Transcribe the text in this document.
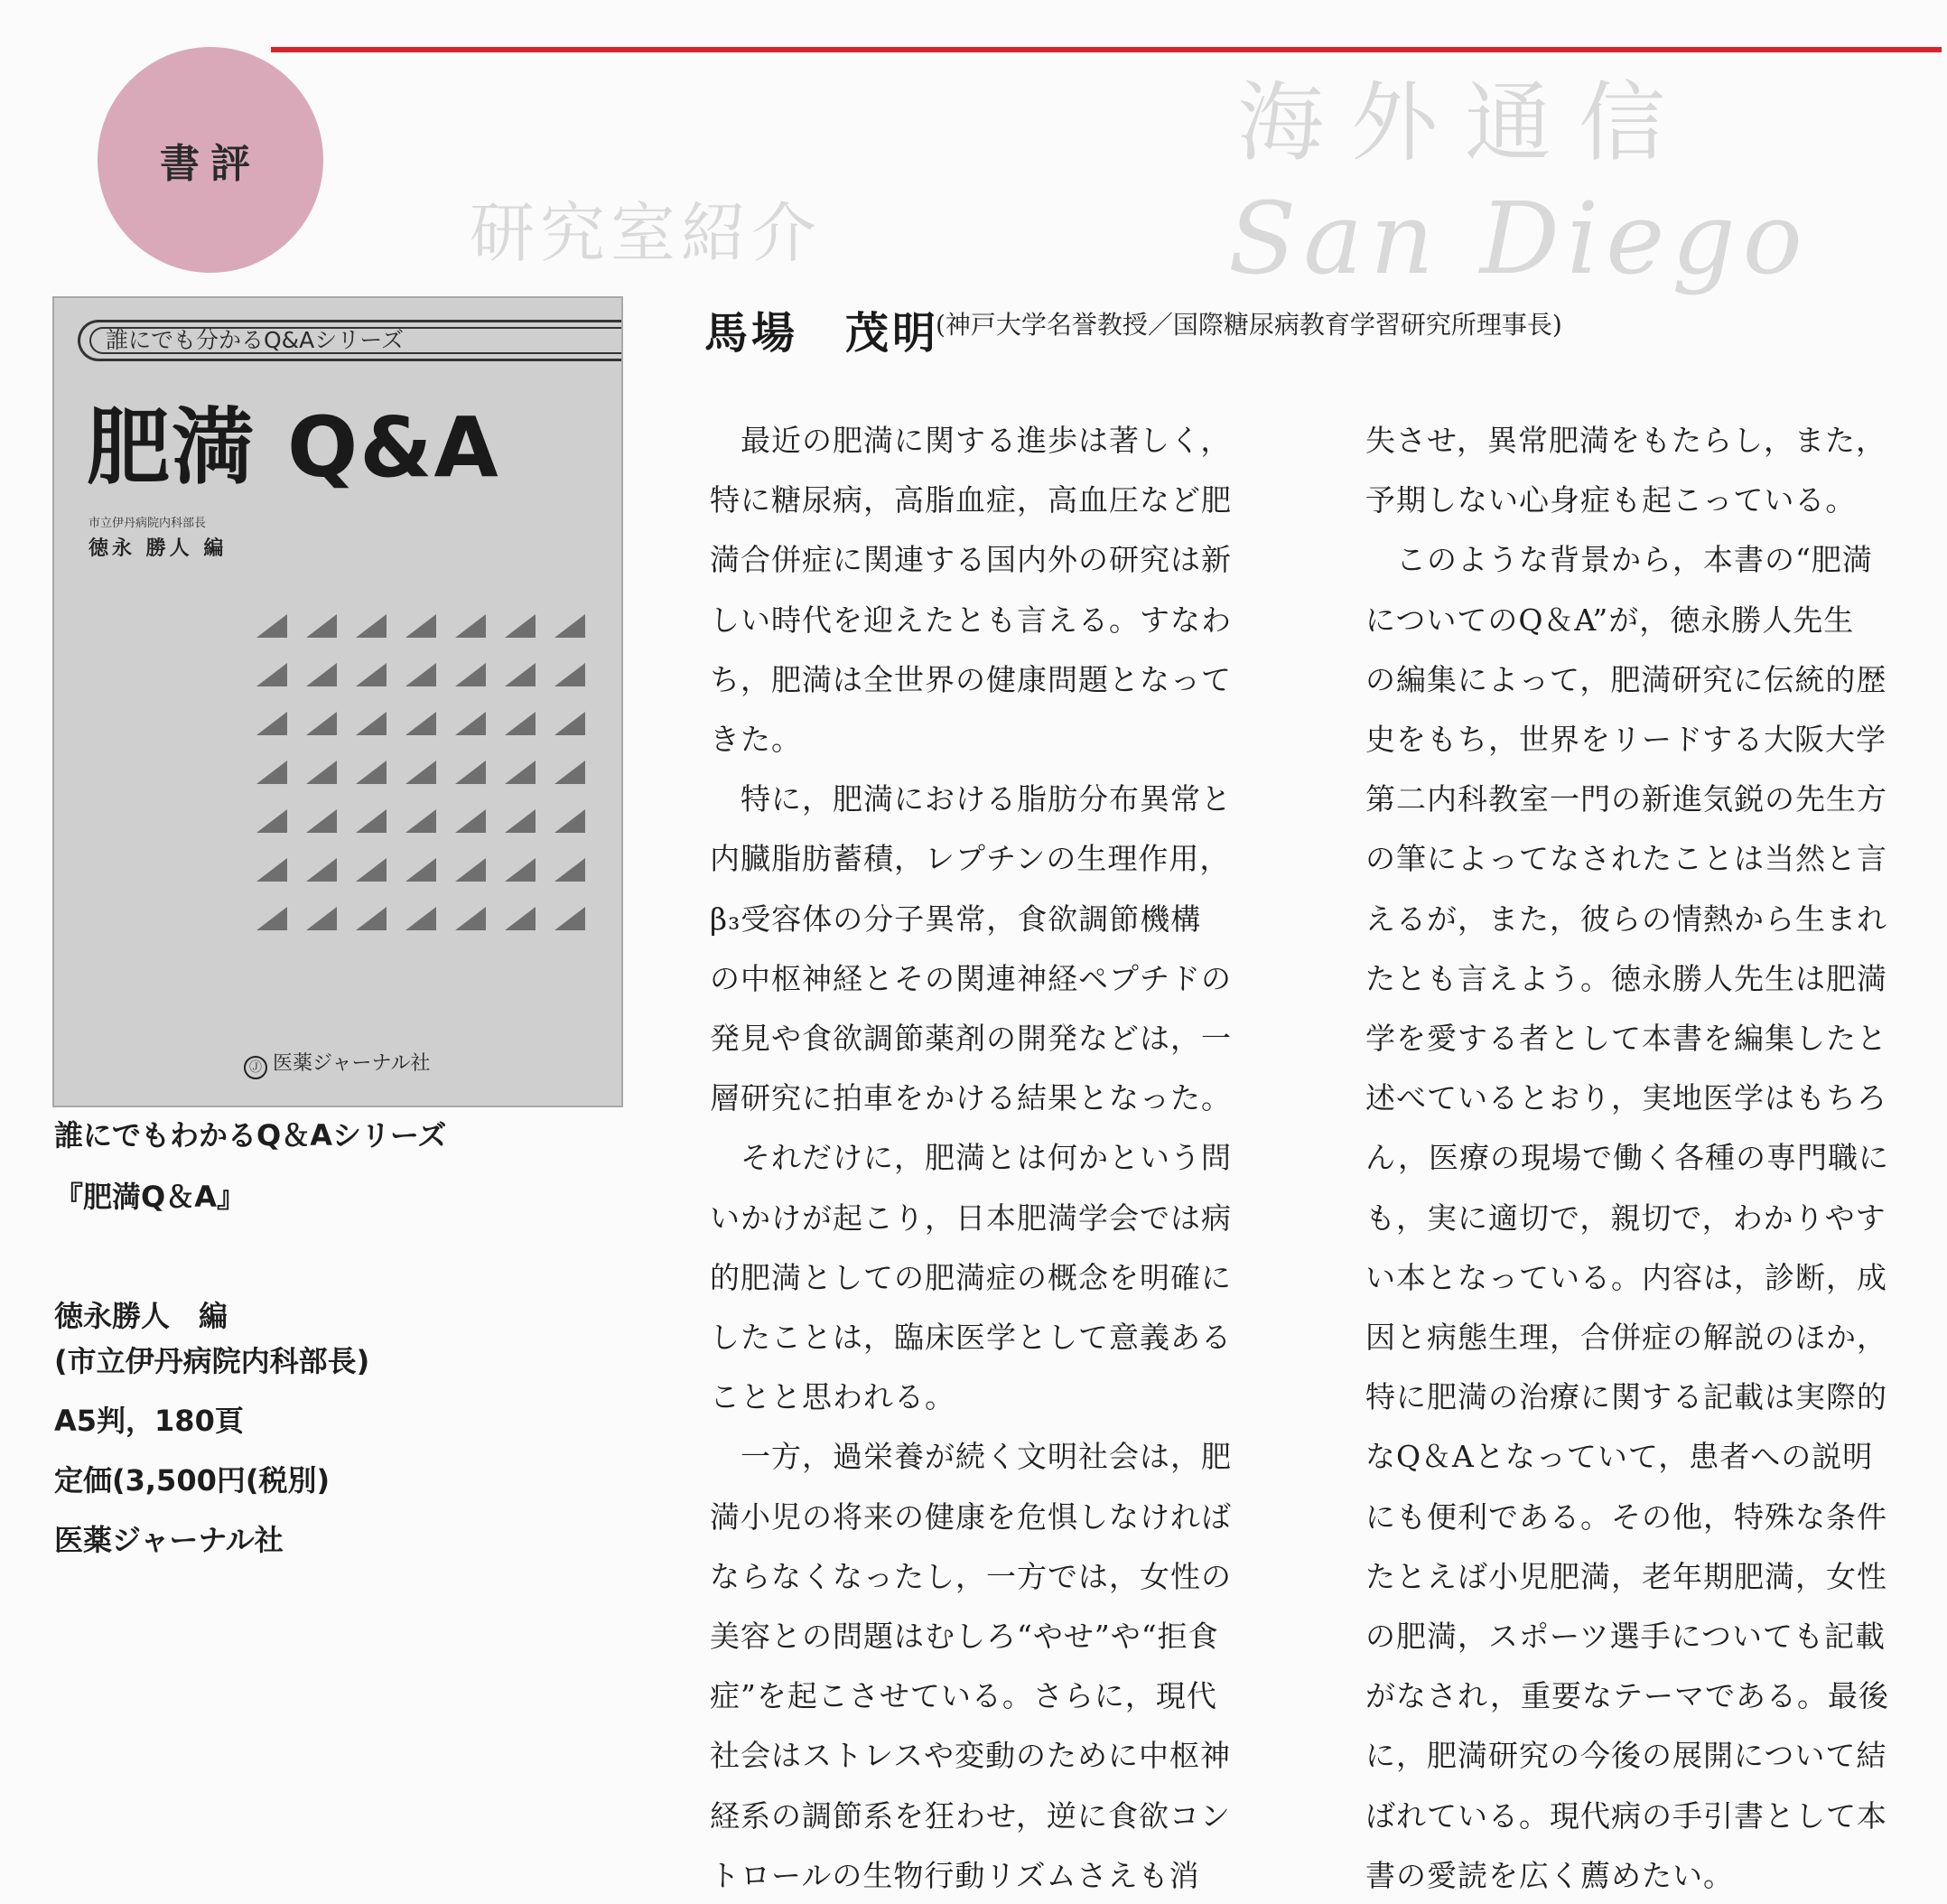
海外通信
San Diego
研究室紹介
書評
誰にでも分かるQ&Aシリーズ
肥満 Q&A
市立伊丹病院内科部長
徳永 勝人 編
Ⓙ 医薬ジャーナル社
誰にでもわかるQ＆Aシリーズ
『肥満Q＆A』
徳永勝人　編
(市立伊丹病院内科部長)
A5判，180頁
定価(3,500円(税別)
医薬ジャーナル社
馬場　茂明
(神戸大学名誉教授／国際糖尿病教育学習研究所理事長)
　最近の肥満に関する進歩は著しく，
特に糖尿病，高脂血症，高血圧など肥
満合併症に関連する国内外の研究は新
しい時代を迎えたとも言える。すなわ
ち，肥満は全世界の健康問題となって
きた。
　特に，肥満における脂肪分布異常と
内臓脂肪蓄積，レプチンの生理作用，
β₃受容体の分子異常，食欲調節機構
の中枢神経とその関連神経ペプチドの
発見や食欲調節薬剤の開発などは，一
層研究に拍車をかける結果となった。
　それだけに，肥満とは何かという問
いかけが起こり，日本肥満学会では病
的肥満としての肥満症の概念を明確に
したことは，臨床医学として意義ある
ことと思われる。
　一方，過栄養が続く文明社会は，肥
満小児の将来の健康を危惧しなければ
ならなくなったし，一方では，女性の
美容との問題はむしろ“やせ”や“拒食
症”を起こさせている。さらに，現代
社会はストレスや変動のために中枢神
経系の調節系を狂わせ，逆に食欲コン
トロールの生物行動リズムさえも消
失させ，異常肥満をもたらし，また，
予期しない心身症も起こっている。
　このような背景から，本書の“肥満
についてのQ＆A”が，徳永勝人先生
の編集によって，肥満研究に伝統的歴
史をもち，世界をリードする大阪大学
第二内科教室一門の新進気鋭の先生方
の筆によってなされたことは当然と言
えるが，また，彼らの情熱から生まれ
たとも言えよう。徳永勝人先生は肥満
学を愛する者として本書を編集したと
述べているとおり，実地医学はもちろ
ん，医療の現場で働く各種の専門職に
も，実に適切で，親切で，わかりやす
い本となっている。内容は，診断，成
因と病態生理，合併症の解説のほか，
特に肥満の治療に関する記載は実際的
なQ＆Aとなっていて，患者への説明
にも便利である。その他，特殊な条件
たとえば小児肥満，老年期肥満，女性
の肥満，スポーツ選手についても記載
がなされ，重要なテーマである。最後
に，肥満研究の今後の展開について結
ばれている。現代病の手引書として本
書の愛読を広く薦めたい。
